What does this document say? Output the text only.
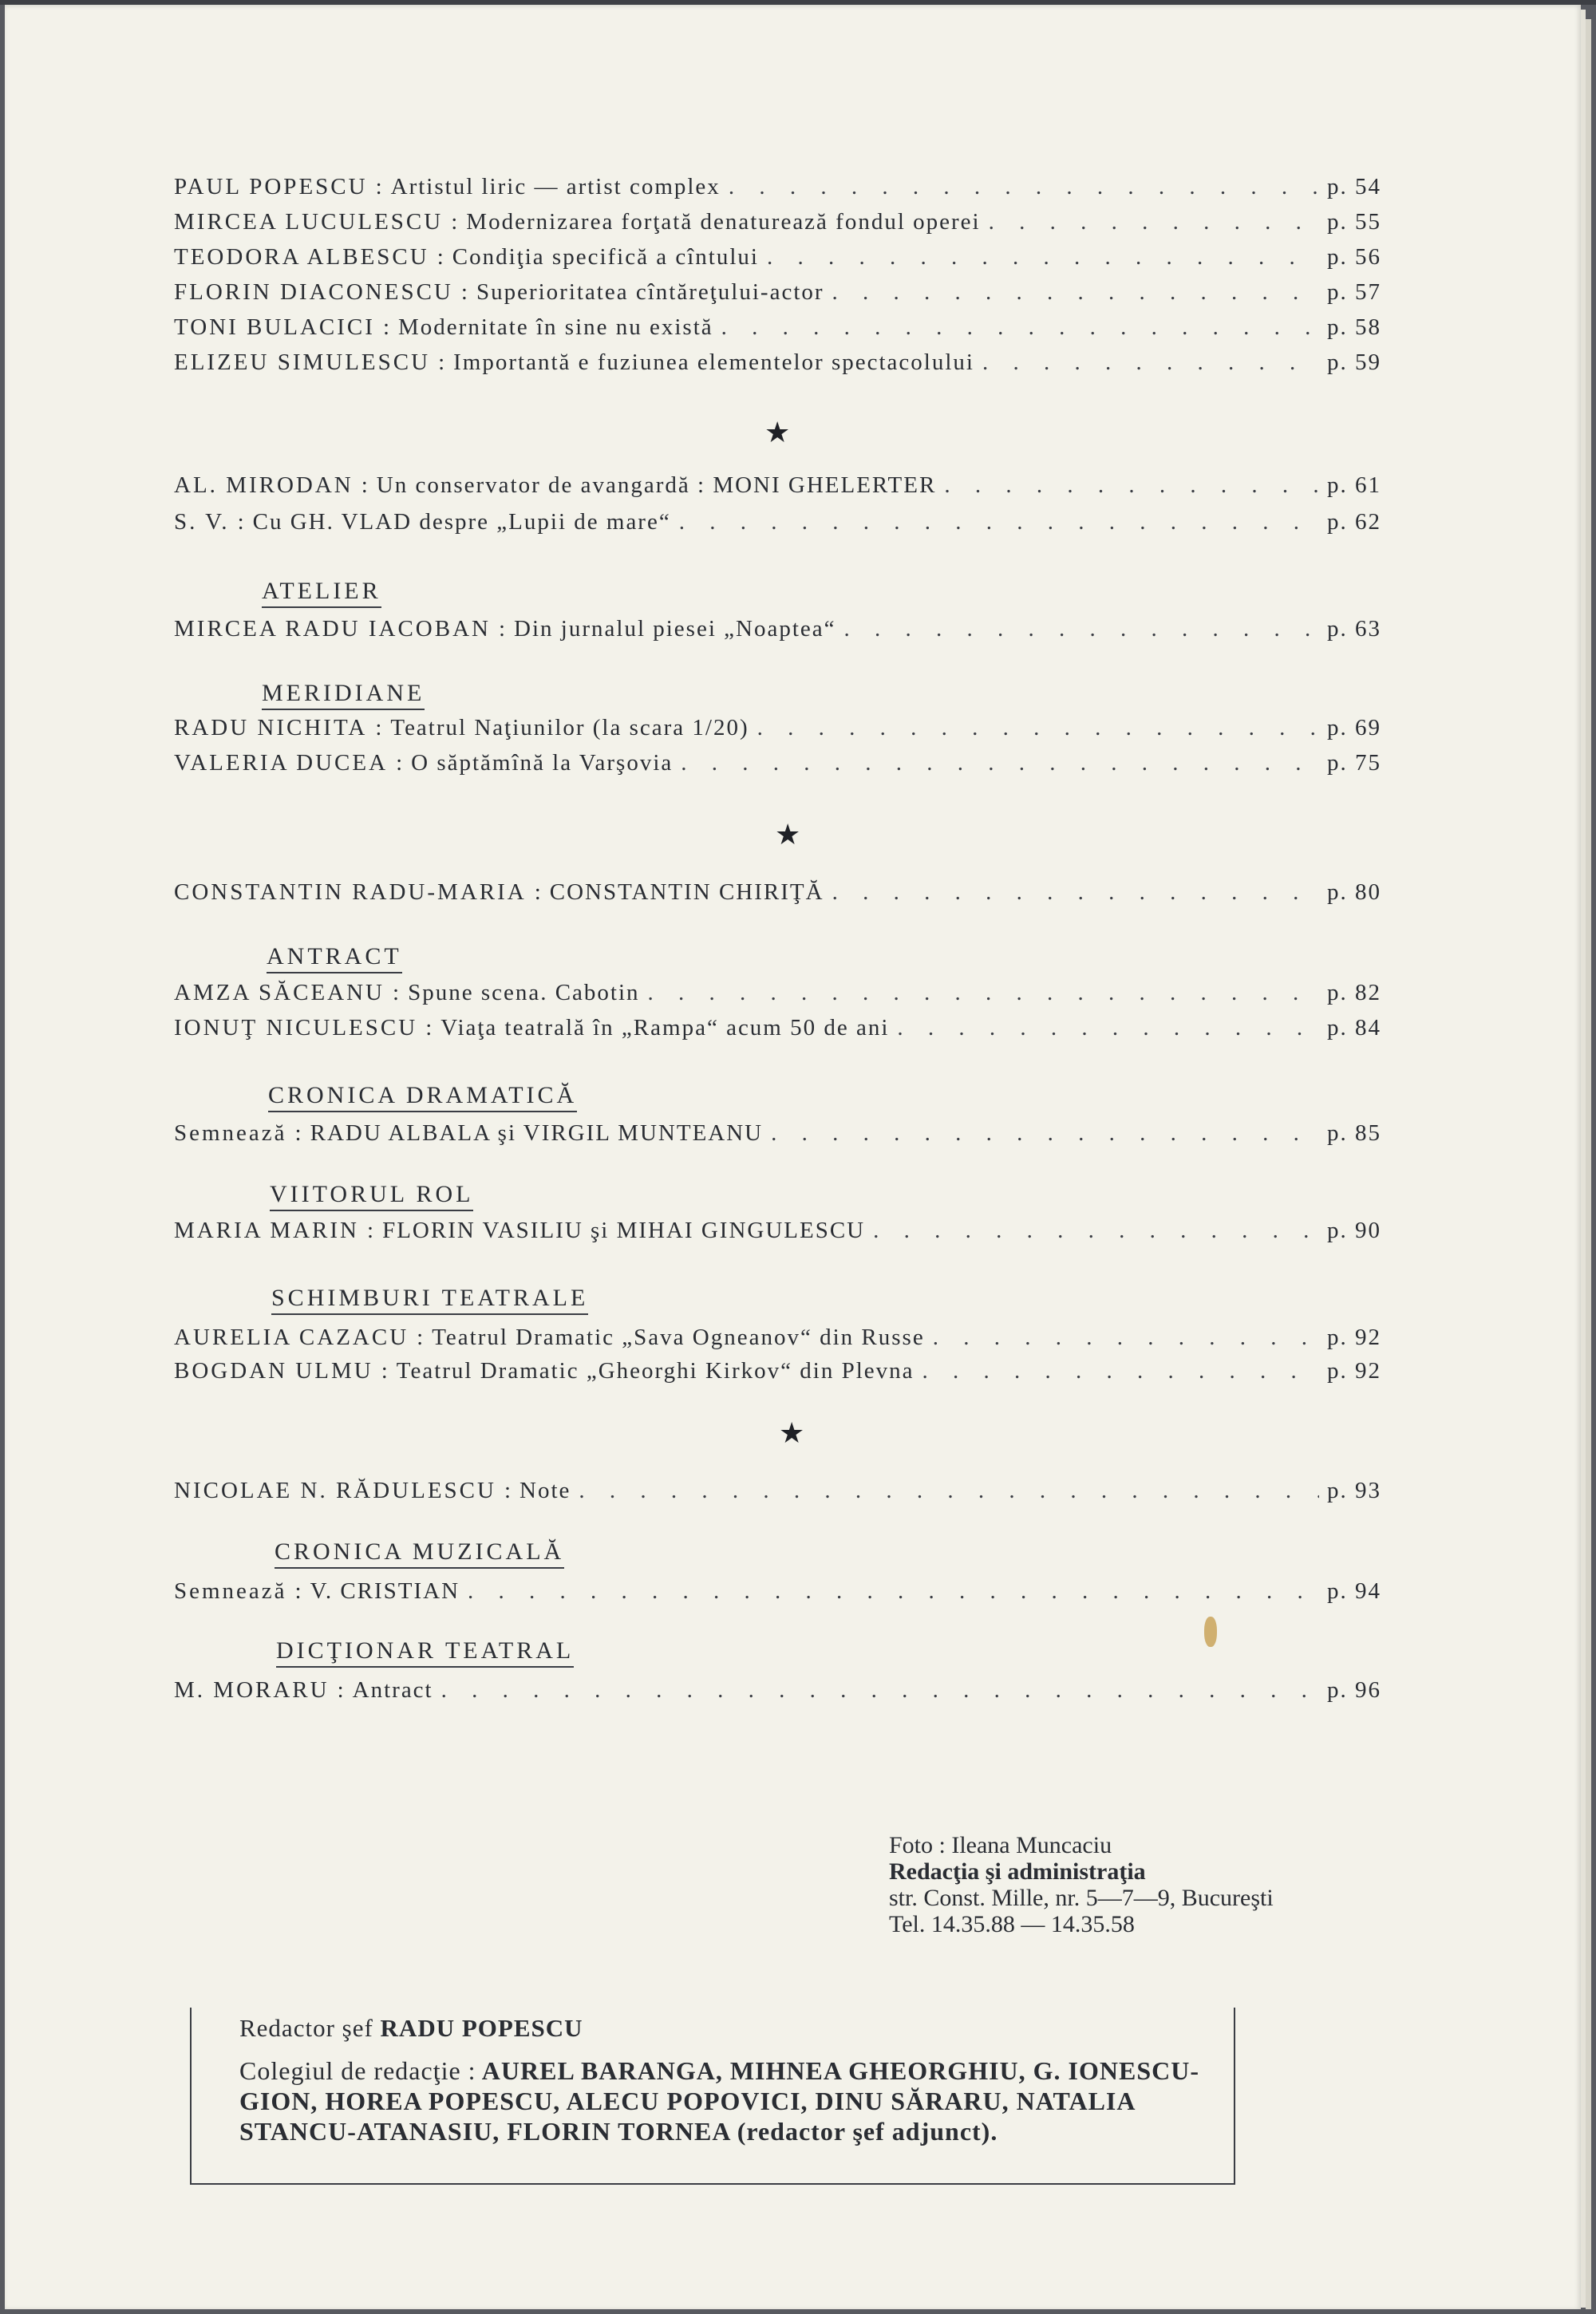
PAUL POPESCU : Artistul liric — artist complex . . .	p. 54
MIRCEA LUCULESCU : Modernizarea forţată denaturează fondul operei . . .	p. 55
TEODORA ALBESCU : Condiţia specifică a cîntului . . .	p. 56
FLORIN DIACONESCU : Superioritatea cîntăreţului-actor . . .	p. 57
TONI BULACICI : Modernitate în sine nu există . . .	p. 58
ELIZEU SIMULESCU : Importantă e fuziunea elementelor spectacolului . . .	p. 59
★
AL. MIRODAN : Un conservator de avangardă : MONI GHELERTER . . .	p. 61
S. V. : Cu GH. VLAD despre „Lupii de mare“ . . .	p. 62
ATELIER
MIRCEA RADU IACOBAN : Din jurnalul piesei „Noaptea“ . . .	p. 63
MERIDIANE
RADU NICHITA : Teatrul Naţiunilor (la scara 1/20) . . .	p. 69
VALERIA DUCEA : O săptămînă la Varşovia . . .	p. 75
★
CONSTANTIN RADU-MARIA : CONSTANTIN CHIRIŢĂ . . .	p. 80
ANTRACT
AMZA SĂCEANU : Spune scena. Cabotin . . .	p. 82
IONUŢ NICULESCU : Viaţa teatrală în „Rampa“ acum 50 de ani . . .	p. 84
CRONICA DRAMATICĂ
Semnează : RADU ALBALA şi VIRGIL MUNTEANU . . .	p. 85
VIITORUL ROL
MARIA MARIN : FLORIN VASILIU şi MIHAI GINGULESCU . . .	p. 90
SCHIMBURI TEATRALE
AURELIA CAZACU : Teatrul Dramatic „Sava Ogneanov“ din Russe . . .	p. 92
BOGDAN ULMU : Teatrul Dramatic „Gheorghi Kirkov“ din Plevna . . .	p. 92
★
NICOLAE N. RĂDULESCU : Note . . .	p. 93
CRONICA MUZICALĂ
Semnează : V. CRISTIAN . . .	p. 94
DICŢIONAR TEATRAL
M. MORARU : Antract . . .	p. 96
Foto : Ileana Muncaciu
Redacţia şi administraţia
str. Const. Mille, nr. 5—7—9, Bucureşti
Tel. 14.35.88 — 14.35.58
Redactor şef RADU POPESCU
Colegiul de redacţie : AUREL BARANGA, MIHNEA GHEORGHIU, G. IONESCU-GION, HOREA POPESCU, ALECU POPOVICI, DINU SĂRARU, NATALIA STANCU-ATANASIU, FLORIN TORNEA (redactor şef adjunct).
